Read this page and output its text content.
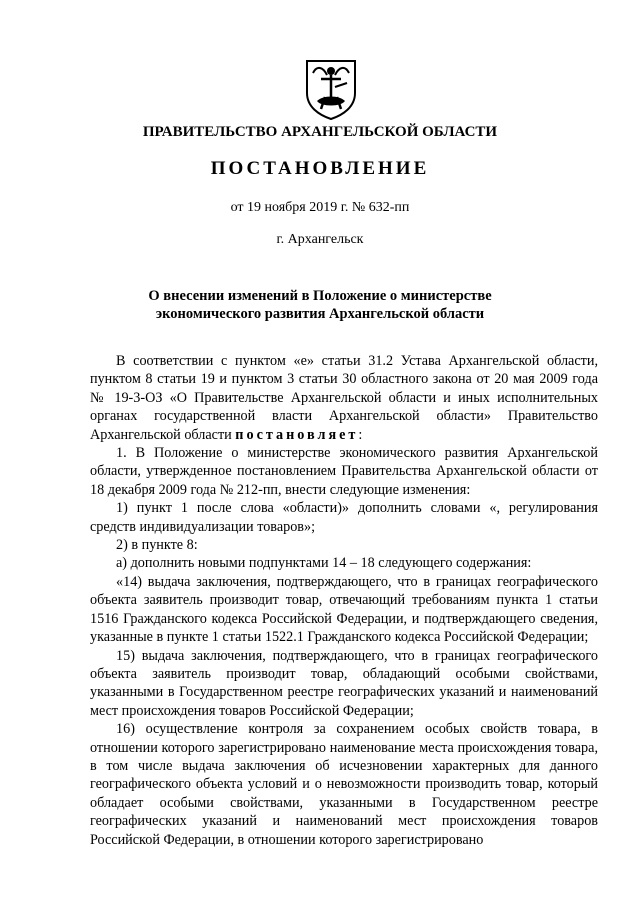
ПРАВИТЕЛЬСТВО АРХАНГЕЛЬСКОЙ ОБЛАСТИ
ПОСТАНОВЛЕНИЕ
от 19 ноября 2019 г. № 632-пп
г. Архангельск
О внесении изменений в Положение о министерстве
экономического развития Архангельской области

В соответствии с пунктом «е» статьи 31.2 Устава Архангельской области, пунктом 8 статьи 19 и пунктом 3 статьи 30 областного закона от 20 мая 2009 года № 19-3-ОЗ «О Правительстве Архангельской области и иных исполнительных органах государственной власти Архангельской области» Правительство Архангельской области постановляет:

1. В Положение о министерстве экономического развития Архангельской области, утвержденное постановлением Правительства Архангельской области от 18 декабря 2009 года № 212-пп, внести следующие изменения:

1) пункт 1 после слова «области)» дополнить словами «, регулирования средств индивидуализации товаров»;

2) в пункте 8:

а) дополнить новыми подпунктами 14 – 18 следующего содержания:

«14) выдача заключения, подтверждающего, что в границах географического объекта заявитель производит товар, отвечающий требованиям пункта 1 статьи 1516 Гражданского кодекса Российской Федерации, и подтверждающего сведения, указанные в пункте 1 статьи 1522.1 Гражданского кодекса Российской Федерации;

15) выдача заключения, подтверждающего, что в границах географического объекта заявитель производит товар, обладающий особыми свойствами, указанными в Государственном реестре географических указаний и наименований мест происхождения товаров Российской Федерации;

16) осуществление контроля за сохранением особых свойств товара, в отношении которого зарегистрировано наименование места происхождения товара, в том числе выдача заключения об исчезновении характерных для данного географического объекта условий и о невозможности производить товар, который обладает особыми свойствами, указанными в Государственном реестре географических указаний и наименований мест происхождения товаров Российской Федерации, в отношении которого зарегистрировано
